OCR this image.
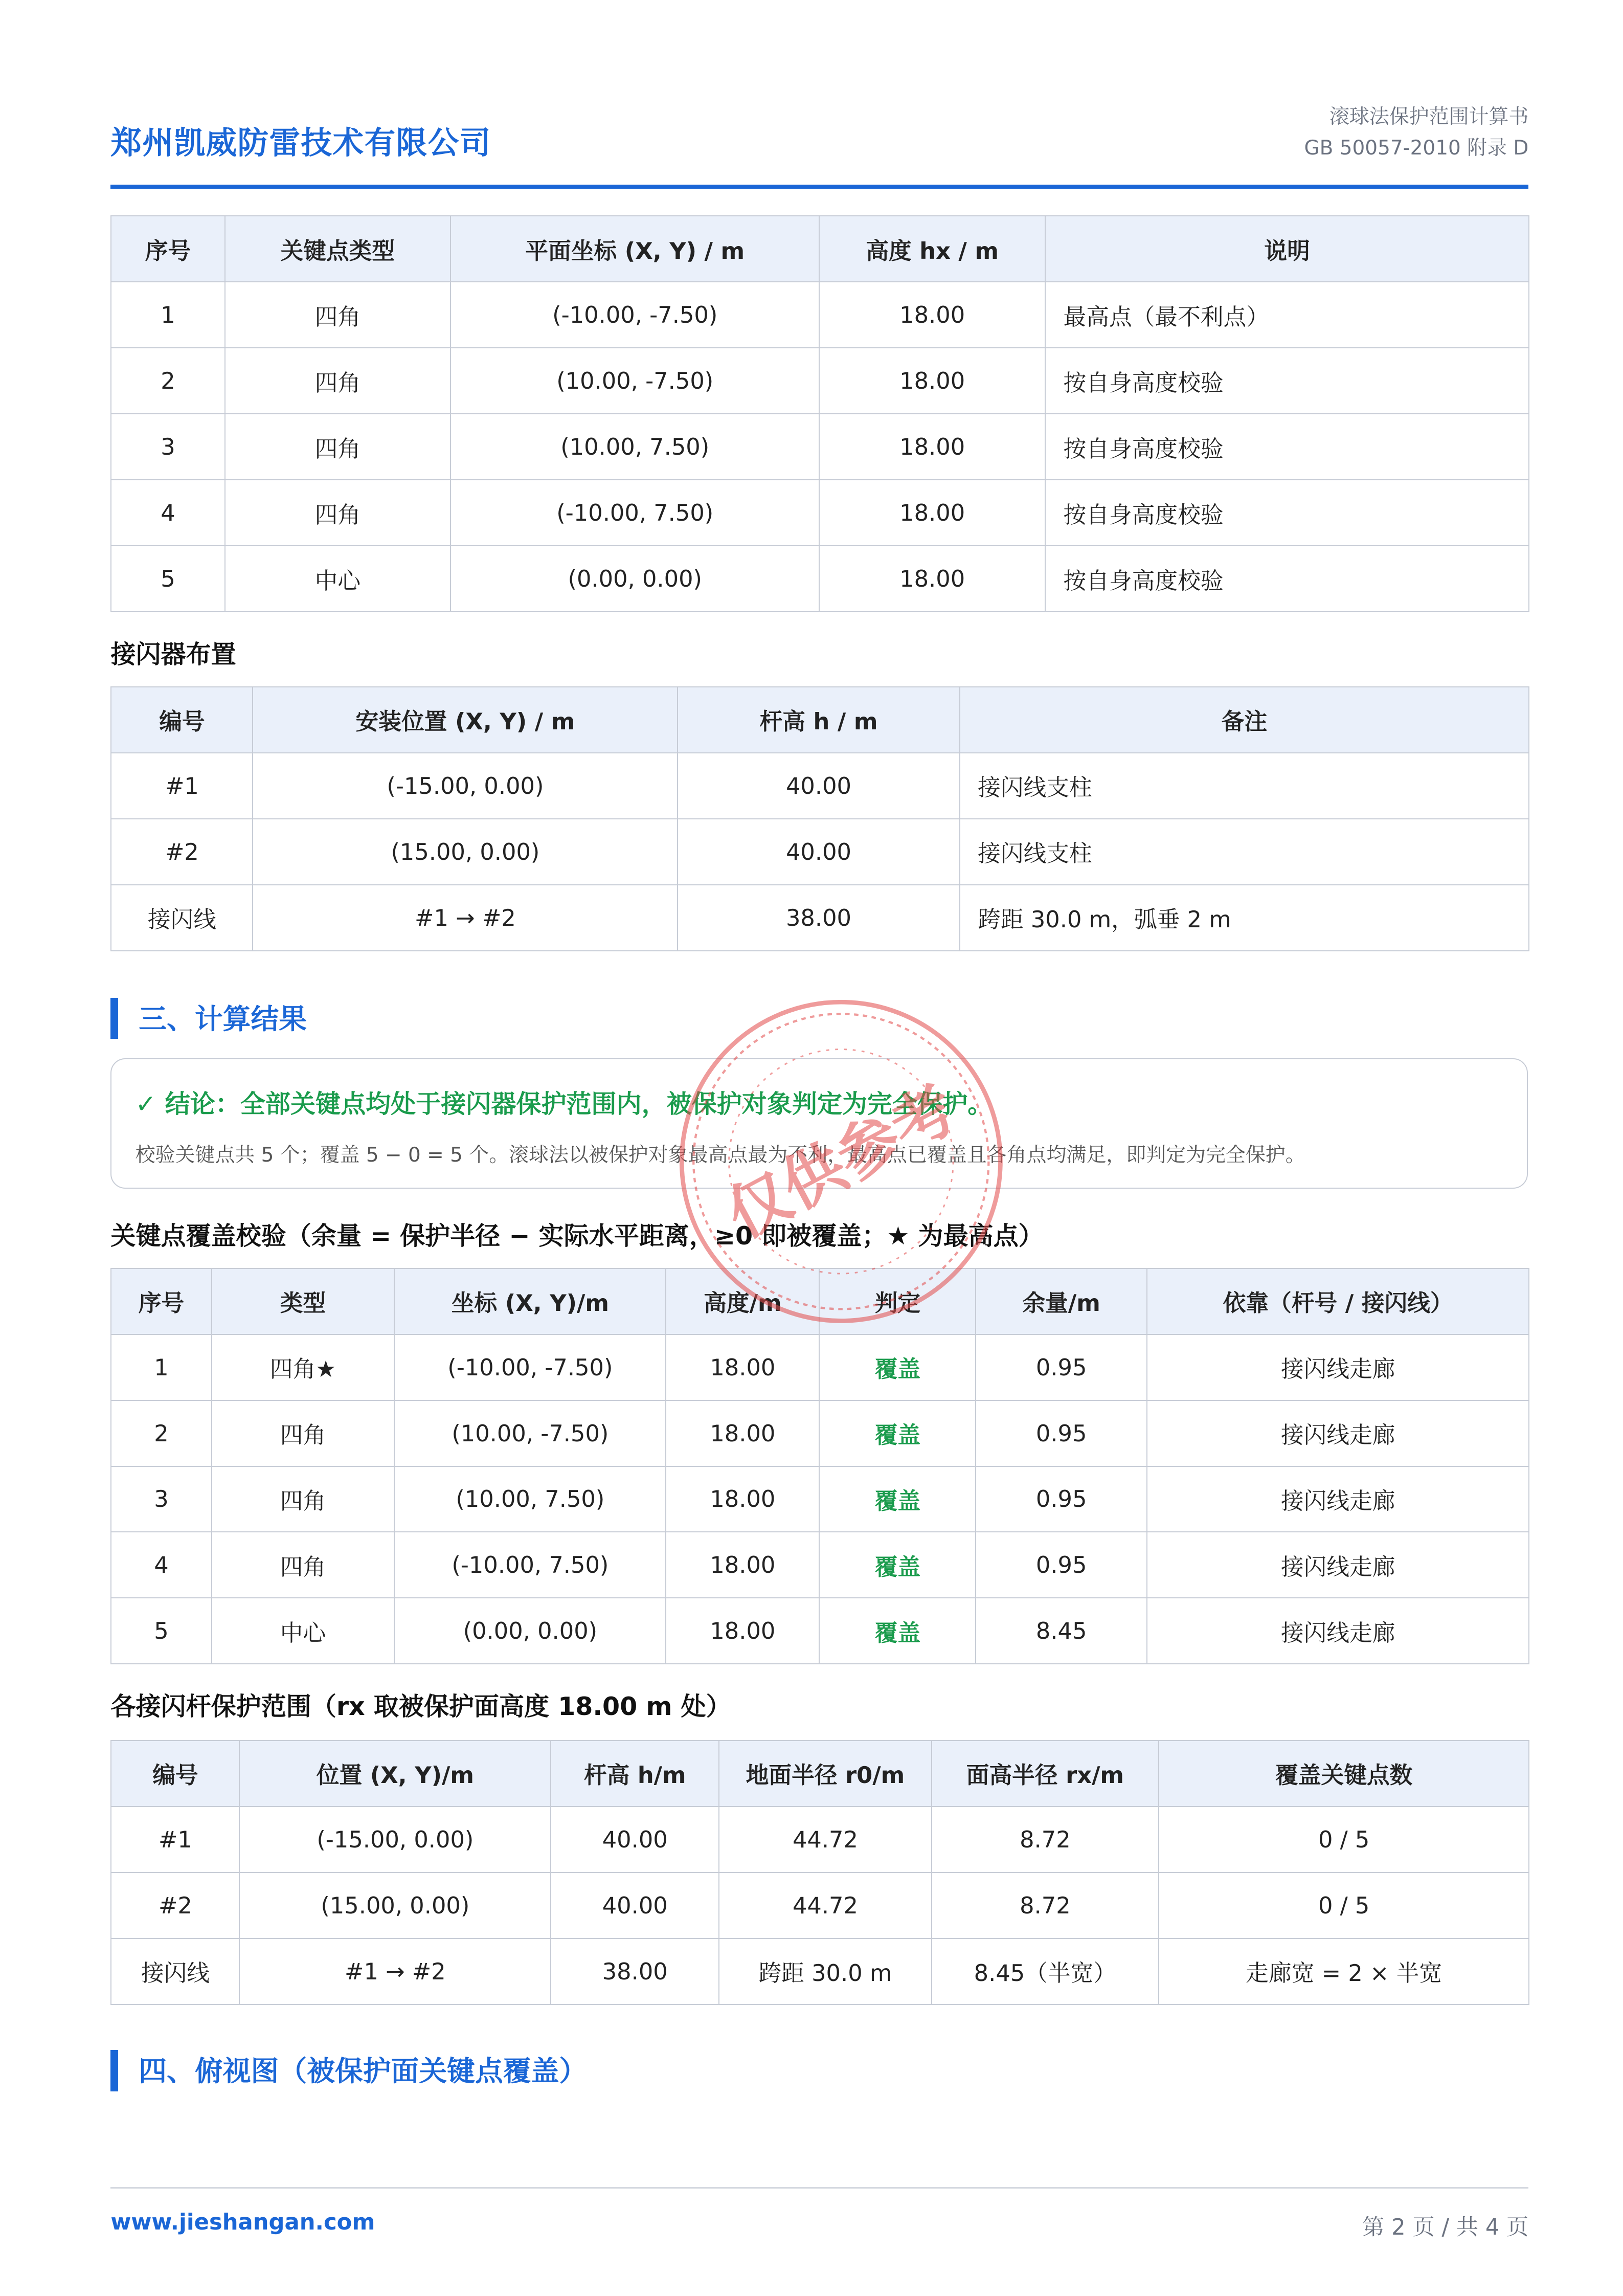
郑州凯威防雷技术有限公司
滚球法保护范围计算书
GB 50057-2010 附录 D
序号	关键点类型	平面坐标 (X, Y) / m	高度 hx / m	说明
1	四角	(-10.00, -7.50)	18.00	最高点（最不利点）
2	四角	(10.00, -7.50)	18.00	按自身高度校验
3	四角	(10.00, 7.50)	18.00	按自身高度校验
4	四角	(-10.00, 7.50)	18.00	按自身高度校验
5	中心	(0.00, 0.00)	18.00	按自身高度校验
接闪器布置
编号	安装位置 (X, Y) / m	杆高 h / m	备注
#1	(-15.00, 0.00)	40.00	接闪线支柱
#2	(15.00, 0.00)	40.00	接闪线支柱
接闪线	#1 → #2	38.00	跨距 30.0 m，弧垂 2 m
三、计算结果
✓ 结论：全部关键点均处于接闪器保护范围内，被保护对象判定为完全保护。
校验关键点共 5 个；覆盖 5 − 0 = 5 个。滚球法以被保护对象最高点最为不利，最高点已覆盖且各角点均满足，即判定为完全保护。
关键点覆盖校验（余量 = 保护半径 − 实际水平距离，≥0 即被覆盖；★ 为最高点）
序号	类型	坐标 (X, Y)/m	高度/m	判定	余量/m	依靠（杆号 / 接闪线）
1	四角★	(-10.00, -7.50)	18.00	覆盖	0.95	接闪线走廊
2	四角	(10.00, -7.50)	18.00	覆盖	0.95	接闪线走廊
3	四角	(10.00, 7.50)	18.00	覆盖	0.95	接闪线走廊
4	四角	(-10.00, 7.50)	18.00	覆盖	0.95	接闪线走廊
5	中心	(0.00, 0.00)	18.00	覆盖	8.45	接闪线走廊
各接闪杆保护范围（rx 取被保护面高度 18.00 m 处）
编号	位置 (X, Y)/m	杆高 h/m	地面半径 r0/m	面高半径 rx/m	覆盖关键点数
#1	(-15.00, 0.00)	40.00	44.72	8.72	0 / 5
#2	(15.00, 0.00)	40.00	44.72	8.72	0 / 5
接闪线	#1 → #2	38.00	跨距 30.0 m	8.45（半宽）	走廊宽 = 2 × 半宽
四、俯视图（被保护面关键点覆盖）
仅供参考
www.jieshangan.com	第 2 页 / 共 4 页
